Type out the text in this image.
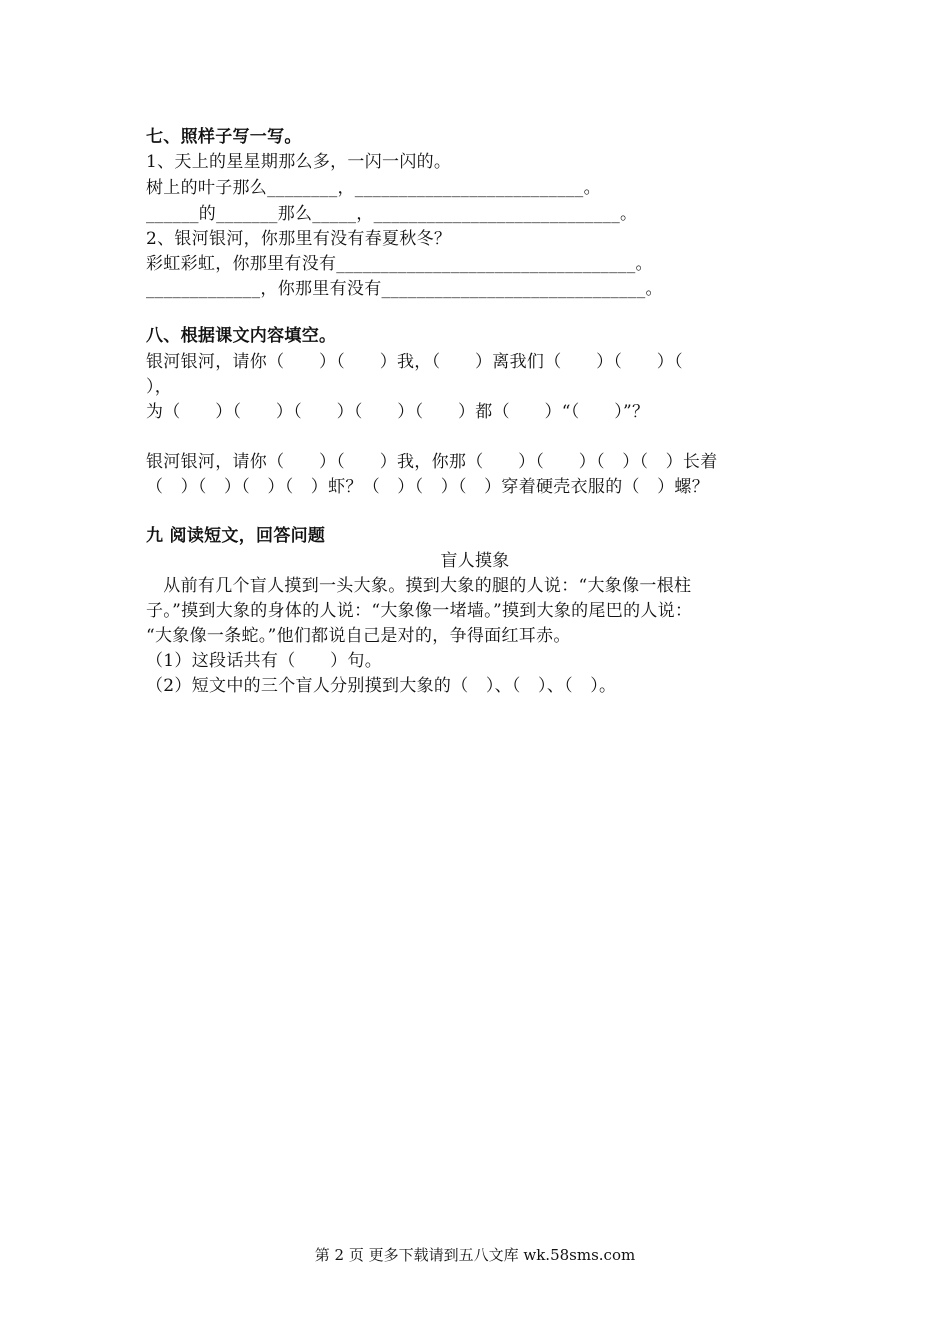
七、照样子写一写。
1、天上的星星期那么多，一闪一闪的。
树上的叶子那么________，__________________________。
______的_______那么_____，____________________________。
2、银河银河，你那里有没有春夏秋冬？
彩虹彩虹，你那里有没有__________________________________。
_____________，你那里有没有______________________________。
八、根据课文内容填空。
银河银河，请你（　　）（　　）我，（　　）离我们（　　）（　　）（
），
为（　　）（　　）（　　）（　　）（　　）都（　　）“（　　）”？
银河银河，请你（　　）（　　）我，你那（　　）（　　）（　）（　）长着
（　）（　）（　）（　）虾？（　）（　）（　）穿着硬壳衣服的（　）螺？
九 阅读短文，回答问题
盲人摸象
　从前有几个盲人摸到一头大象。摸到大象的腿的人说：“大象像一根柱
子。”摸到大象的身体的人说：“大象像一堵墙。”摸到大象的尾巴的人说：
“大象像一条蛇。”他们都说自己是对的，争得面红耳赤。
（1）这段话共有（　　）句。
（2）短文中的三个盲人分别摸到大象的（　）、（　）、（　）。
第 2 页 更多下载请到五八文库 wk.58sms.com
